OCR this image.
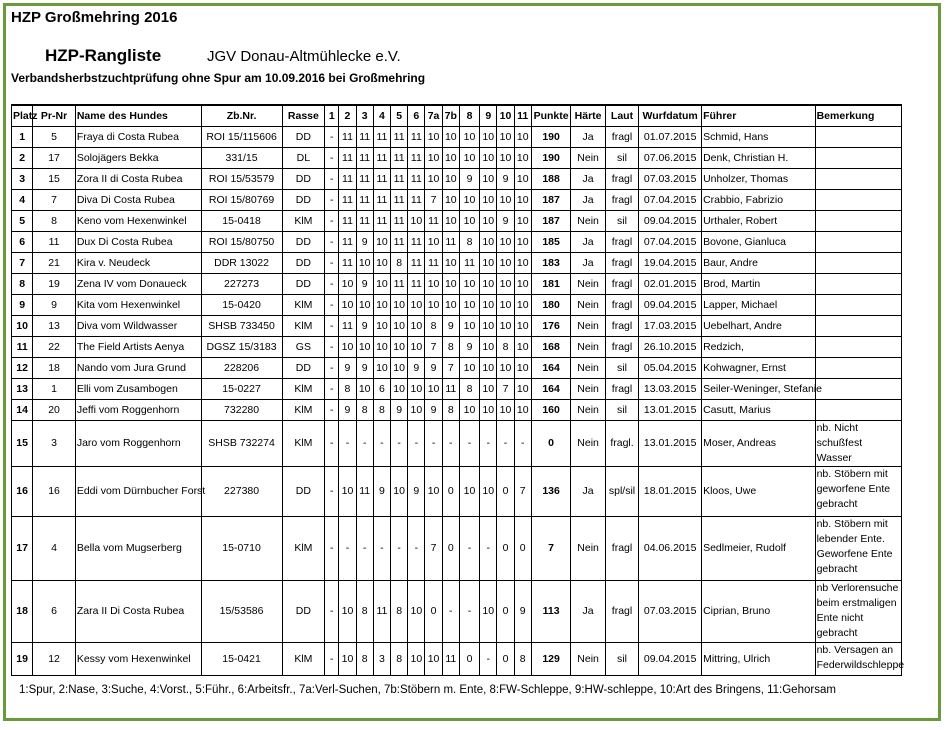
HZP Großmehring 2016
HZP-Rangliste	JGV Donau-Altmühlecke e.V.
Verbandsherbstzuchtprüfung ohne Spur am 10.09.2016 bei Großmehring
Platz	Pr-Nr	Name des Hundes	Zb.Nr.	Rasse	1	2	3	4	5	6	7a	7b	8	9	10	11	Punkte	Härte	Laut	Wurfdatum	Führer	Bemerkung
1	5	Fraya di Costa Rubea	ROI 15/115606	DD	-	11	11	11	11	11	10	10	10	10	10	10	190	Ja	fragl	01.07.2015	Schmid, Hans	
2	17	Solojägers Bekka	331/15	DL	-	11	11	11	11	11	10	10	10	10	10	10	190	Nein	sil	07.06.2015	Denk, Christian H.	
3	15	Zora II di Costa Rubea	ROI 15/53579	DD	-	11	11	11	11	11	10	10	9	10	9	10	188	Ja	fragl	07.03.2015	Unholzer, Thomas	
4	7	Diva Di Costa Rubea	ROI 15/80769	DD	-	11	11	11	11	11	7	10	10	10	10	10	187	Ja	fragl	07.04.2015	Crabbio, Fabrizio	
5	8	Keno vom Hexenwinkel	15-0418	KlM	-	11	11	11	11	10	11	10	10	10	9	10	187	Nein	sil	09.04.2015	Urthaler, Robert	
6	11	Dux Di Costa Rubea	ROI 15/80750	DD	-	11	9	10	11	11	10	11	8	10	10	10	185	Ja	fragl	07.04.2015	Bovone, Gianluca	
7	21	Kira v. Neudeck	DDR 13022	DD	-	11	10	10	8	11	11	10	11	10	10	10	183	Ja	fragl	19.04.2015	Baur, Andre	
8	19	Zena IV vom Donaueck	227273	DD	-	10	9	10	11	11	10	10	10	10	10	10	181	Nein	fragl	02.01.2015	Brod, Martin	
9	9	Kita vom Hexenwinkel	15-0420	KlM	-	10	10	10	10	10	10	10	10	10	10	10	180	Nein	fragl	09.04.2015	Lapper, Michael	
10	13	Diva vom Wildwasser	SHSB 733450	KlM	-	11	9	10	10	10	8	9	10	10	10	10	176	Nein	fragl	17.03.2015	Uebelhart, Andre	
11	22	The Field Artists Aenya	DGSZ 15/3183	GS	-	10	10	10	10	10	7	8	9	10	8	10	168	Nein	fragl	26.10.2015	Redzich,	
12	18	Nando vom Jura Grund	228206	DD	-	9	9	10	10	9	9	7	10	10	10	10	164	Nein	sil	05.04.2015	Kohwagner, Ernst	
13	1	Elli vom Zusambogen	15-0227	KlM	-	8	10	6	10	10	10	11	8	10	7	10	164	Nein	fragl	13.03.2015	Seiler-Weninger, Stefanie	
14	20	Jeffi vom Roggenhorn	732280	KlM	-	9	8	8	9	10	9	8	10	10	10	10	160	Nein	sil	13.01.2015	Casutt, Marius	
15	3	Jaro vom Roggenhorn	SHSB 732274	KlM	-	-	-	-	-	-	-	-	-	-	-	-	0	Nein	fragl.	13.01.2015	Moser, Andreas	nb. Nicht schußfest Wasser
16	16	Eddi vom Dürnbucher Forst	227380	DD	-	10	11	9	10	9	10	0	10	10	0	7	136	Ja	spl/sil	18.01.2015	Kloos, Uwe	nb. Stöbern mit geworfene Ente gebracht
17	4	Bella vom Mugserberg	15-0710	KlM	-	-	-	-	-	-	7	0	-	-	0	0	7	Nein	fragl	04.06.2015	Sedlmeier, Rudolf	nb. Stöbern mit lebender Ente. Geworfene Ente gebracht
18	6	Zara II Di Costa Rubea	15/53586	DD	-	10	8	11	8	10	0	-	-	10	0	9	113	Ja	fragl	07.03.2015	Ciprian, Bruno	nb Verlorensuche beim erstmaligen Ente nicht gebracht
19	12	Kessy vom Hexenwinkel	15-0421	KlM	-	10	8	3	8	10	10	11	0	-	0	8	129	Nein	sil	09.04.2015	Mittring, Ulrich	nb. Versagen an Federwildschleppe
1:Spur, 2:Nase, 3:Suche, 4:Vorst., 5:Führ., 6:Arbeitsfr., 7a:Verl-Suchen, 7b:Stöbern m. Ente, 8:FW-Schleppe, 9:HW-schleppe, 10:Art des Bringens, 11:Gehorsam
